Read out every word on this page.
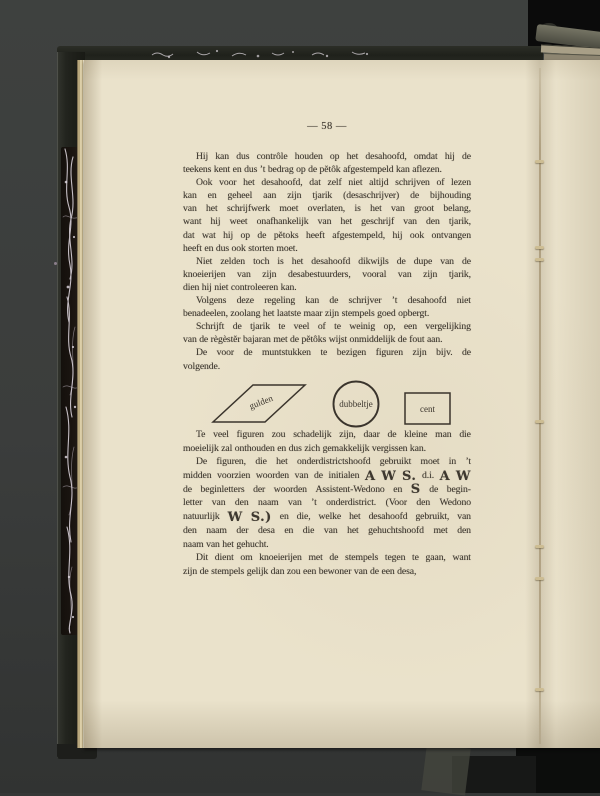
— 58 —
Hij kan dus contrôle houden op het desahoofd, omdat hij de
teekens kent en dus ’t bedrag op de pĕtôk afgestempeld kan aflezen.
Ook voor het desahoofd, dat zelf niet altijd schrijven of lezen
kan en geheel aan zijn tjarik (desaschrijver) de bijhouding
van het schrijfwerk moet overlaten, is het van groot belang,
want hij weet onafhankelijk van het geschrijf van den tjarik,
dat wat hij op de pĕtoks heeft afgestempeld, hij ook ontvangen
heeft en dus ook storten moet.
Niet zelden toch is het desahoofd dikwijls de dupe van de
knoeierijen van zijn desabestuurders, vooral van zijn tjarik,
dien hij niet controleeren kan.
Volgens deze regeling kan de schrijver ’t desahoofd niet
benadeelen, zoolang het laatste maar zijn stempels goed opbergt.
Schrijft de tjarik te veel of te weinig op, een vergelijking
van de règèstĕr bajaran met de pĕtôks wijst onmiddelijk de fout aan.
De voor de muntstukken te bezigen figuren zijn bijv. de
volgende.
gulden	dubbeltje	cent
Te veel figuren zou schadelijk zijn, daar de kleine man die
moeielijk zal onthouden en dus zich gemakkelijk vergissen kan.
De figuren, die het onderdistrictshoofd gebruikt moet in ’t
midden voorzien woorden van de initialen A W S. d.i. A W
de beginletters der woorden Assistent-Wedono en S de begin-
letter van den naam van ’t onderdistrict. (Voor den Wedono
natuurlijk W S.) en die, welke het desahoofd gebruikt, van
den naam der desa en die van het gehuchtshoofd met den
naam van het gehucht.
Dit dient om knoeierijen met de stempels tegen te gaan, want
zijn de stempels gelijk dan zou een bewoner van de een desa,
